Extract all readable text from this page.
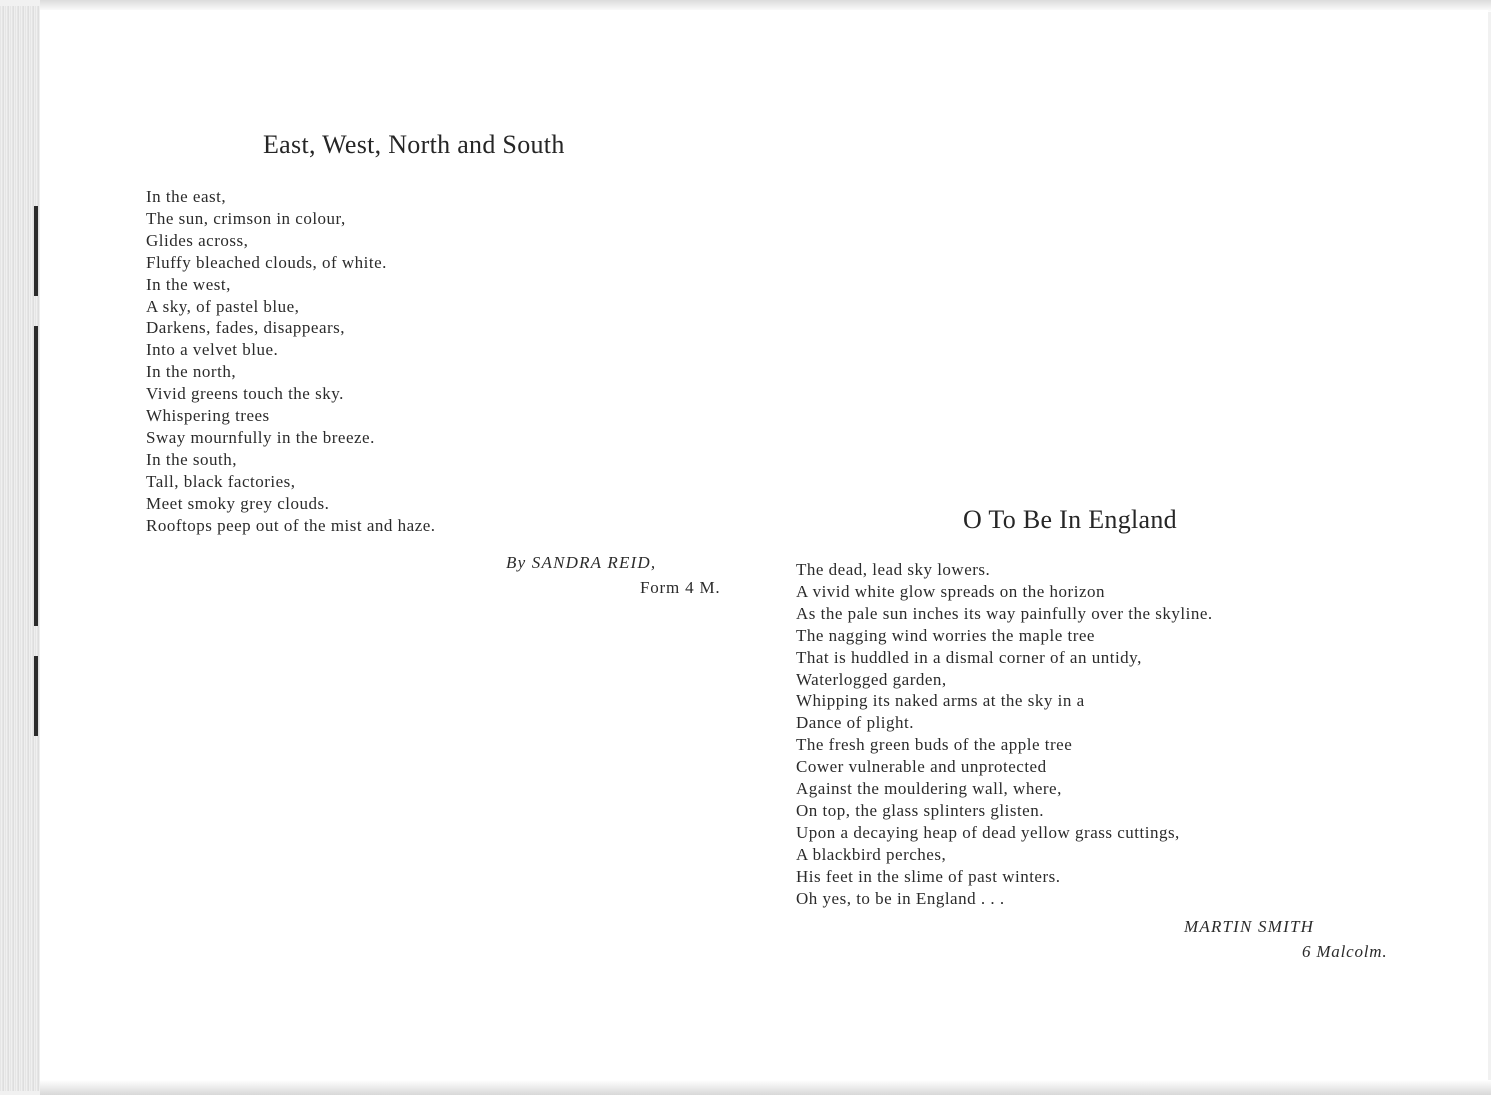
East, West, North and South
In the east,
The sun, crimson in colour,
Glides across,
Fluffy bleached clouds, of white.
In the west,
A sky, of pastel blue,
Darkens, fades, disappears,
Into a velvet blue.
In the north,
Vivid greens touch the sky.
Whispering trees
Sway mournfully in the breeze.
In the south,
Tall, black factories,
Meet smoky grey clouds.
Rooftops peep out of the mist and haze.
By SANDRA REID,
Form 4 M.
O To Be In England
The dead, lead sky lowers.
A vivid white glow spreads on the horizon
As the pale sun inches its way painfully over the skyline.
The nagging wind worries the maple tree
That is huddled in a dismal corner of an untidy,
Waterlogged garden,
Whipping its naked arms at the sky in a
Dance of plight.
The fresh green buds of the apple tree
Cower vulnerable and unprotected
Against the mouldering wall, where,
On top, the glass splinters glisten.
Upon a decaying heap of dead yellow grass cuttings,
A blackbird perches,
His feet in the slime of past winters.
Oh yes, to be in England . . .
MARTIN SMITH
6 Malcolm.
